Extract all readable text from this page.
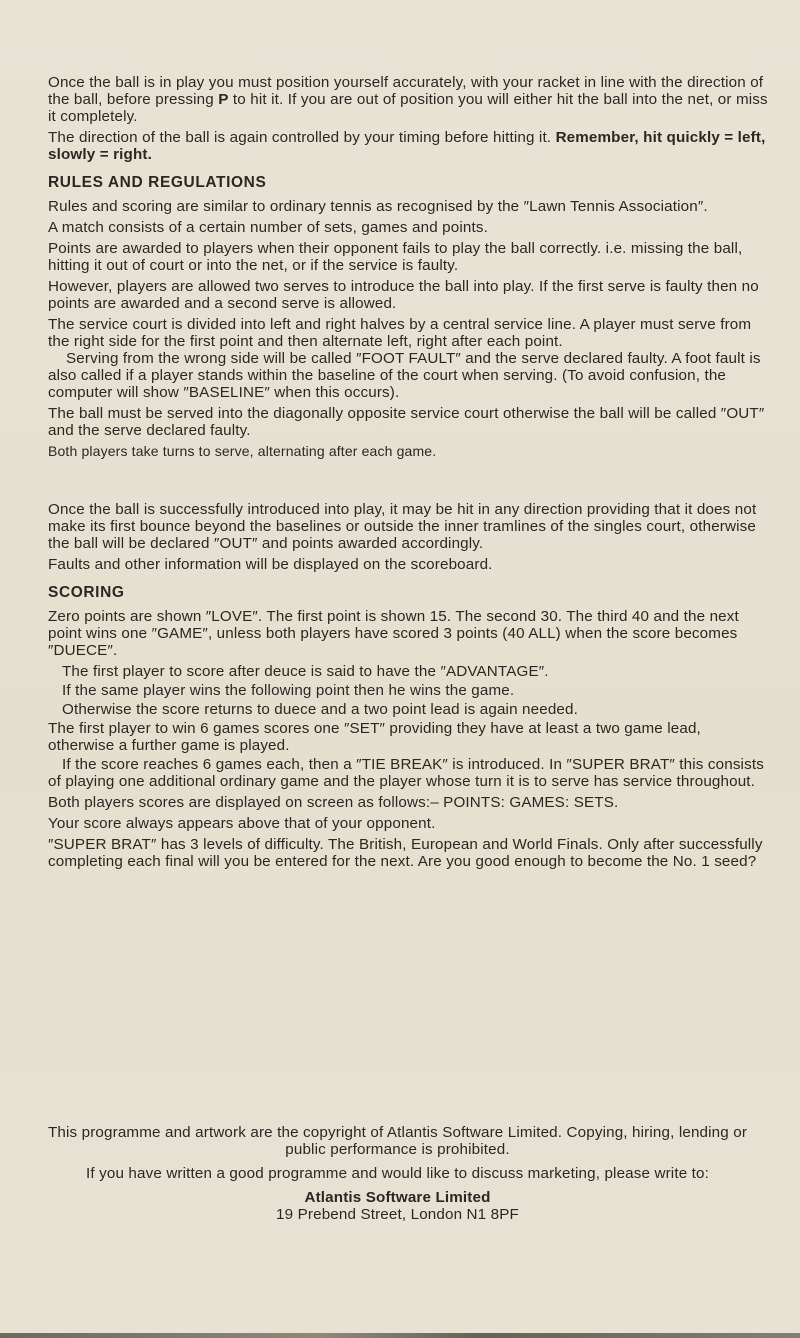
Once the ball is in play you must position yourself accurately, with your racket in line with the direction of the ball, before pressing P to hit it. If you are out of position you will either hit the ball into the net, or miss it completely.

The direction of the ball is again controlled by your timing before hitting it. Remember, hit quickly = left, slowly = right.

RULES AND REGULATIONS

Rules and scoring are similar to ordinary tennis as recognised by the ″Lawn Tennis Association″.

A match consists of a certain number of sets, games and points.

Points are awarded to players when their opponent fails to play the ball correctly. i.e. missing the ball, hitting it out of court or into the net, or if the service is faulty.

However, players are allowed two serves to introduce the ball into play. If the first serve is faulty then no points are awarded and a second serve is allowed.

The service court is divided into left and right halves by a central service line. A player must serve from the right side for the first point and then alternate left, right after each point.

Serving from the wrong side will be called ″FOOT FAULT″ and the serve declared faulty. A foot fault is also called if a player stands within the baseline of the court when serving. (To avoid confusion, the computer will show ″BASELINE″ when this occurs).

The ball must be served into the diagonally opposite service court otherwise the ball will be called ″OUT″ and the serve declared faulty.

Both players take turns to serve, alternating after each game.

Once the ball is successfully introduced into play, it may be hit in any direction providing that it does not make its first bounce beyond the baselines or outside the inner tramlines of the singles court, otherwise the ball will be declared ″OUT″ and points awarded accordingly.

Faults and other information will be displayed on the scoreboard.

SCORING

Zero points are shown ″LOVE″. The first point is shown 15. The second 30. The third 40 and the next point wins one ″GAME″, unless both players have scored 3 points (40 ALL) when the score becomes ″DUECE″.

The first player to score after deuce is said to have the ″ADVANTAGE″.

If the same player wins the following point then he wins the game.

Otherwise the score returns to duece and a two point lead is again needed.

The first player to win 6 games scores one ″SET″ providing they have at least a two game lead, otherwise a further game is played.

If the score reaches 6 games each, then a ″TIE BREAK″ is introduced. In ″SUPER BRAT″ this consists of playing one additional ordinary game and the player whose turn it is to serve has service throughout.

Both players scores are displayed on screen as follows:– POINTS: GAMES: SETS.

Your score always appears above that of your opponent.

″SUPER BRAT″ has 3 levels of difficulty. The British, European and World Finals. Only after successfully completing each final will you be entered for the next. Are you good enough to become the No. 1 seed?

This programme and artwork are the copyright of Atlantis Software Limited. Copying, hiring, lending or public performance is prohibited.

If you have written a good programme and would like to discuss marketing, please write to:

Atlantis Software Limited
19 Prebend Street, London N1 8PF
